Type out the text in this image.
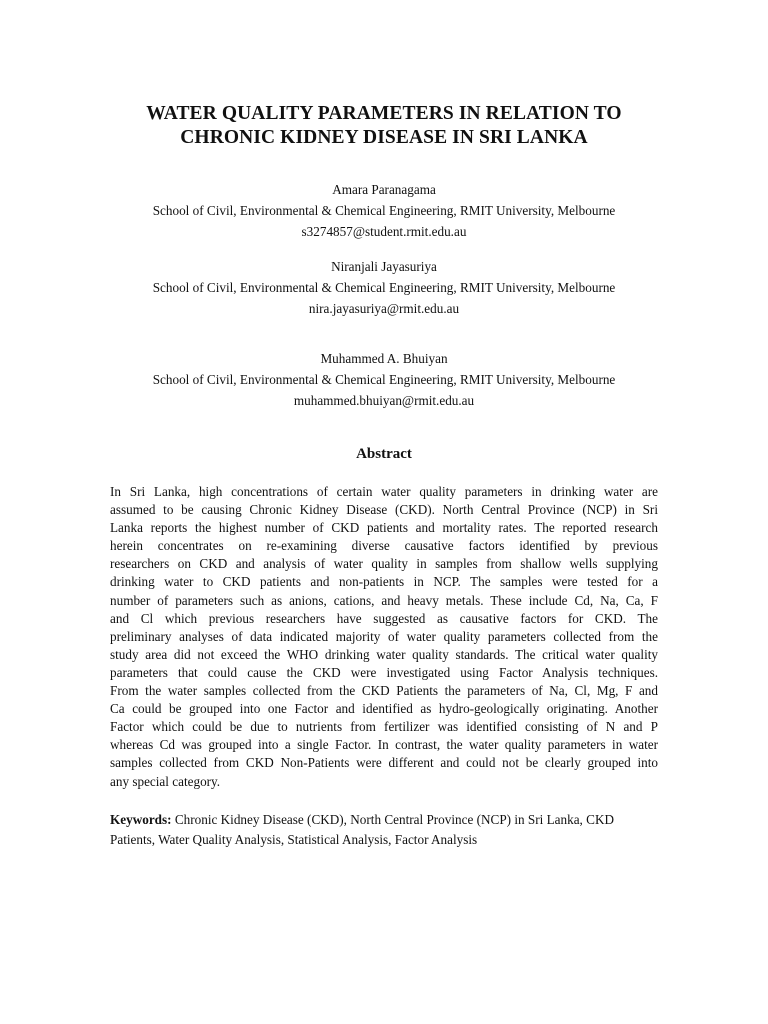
WATER QUALITY PARAMETERS IN RELATION TO
CHRONIC KIDNEY DISEASE IN SRI LANKA
Amara Paranagama
School of Civil, Environmental & Chemical Engineering, RMIT University, Melbourne
s3274857@student.rmit.edu.au
Niranjali Jayasuriya
School of Civil, Environmental & Chemical Engineering, RMIT University, Melbourne
nira.jayasuriya@rmit.edu.au
Muhammed A. Bhuiyan
School of Civil, Environmental & Chemical Engineering, RMIT University, Melbourne
muhammed.bhuiyan@rmit.edu.au
Abstract
In Sri Lanka, high concentrations of certain water quality parameters in drinking water are
assumed to be causing Chronic Kidney Disease (CKD). North Central Province (NCP) in Sri
Lanka reports the highest number of CKD patients and mortality rates. The reported research
herein concentrates on re-examining diverse causative factors identified by previous
researchers on CKD and analysis of water quality in samples from shallow wells supplying
drinking water to CKD patients and non-patients in NCP. The samples were tested for a
number of parameters such as anions, cations, and heavy metals. These include Cd, Na, Ca, F
and Cl which previous researchers have suggested as causative factors for CKD. The
preliminary analyses of data indicated majority of water quality parameters collected from the
study area did not exceed the WHO drinking water quality standards. The critical water quality
parameters that could cause the CKD were investigated using Factor Analysis techniques.
From the water samples collected from the CKD Patients the parameters of Na, Cl, Mg, F and
Ca could be grouped into one Factor and identified as hydro-geologically originating. Another
Factor which could be due to nutrients from fertilizer was identified consisting of N and P
whereas Cd was grouped into a single Factor. In contrast, the water quality parameters in water
samples collected from CKD Non-Patients were different and could not be clearly grouped into
any special category.
Keywords: Chronic Kidney Disease (CKD), North Central Province (NCP) in Sri Lanka, CKD
Patients, Water Quality Analysis, Statistical Analysis, Factor Analysis
